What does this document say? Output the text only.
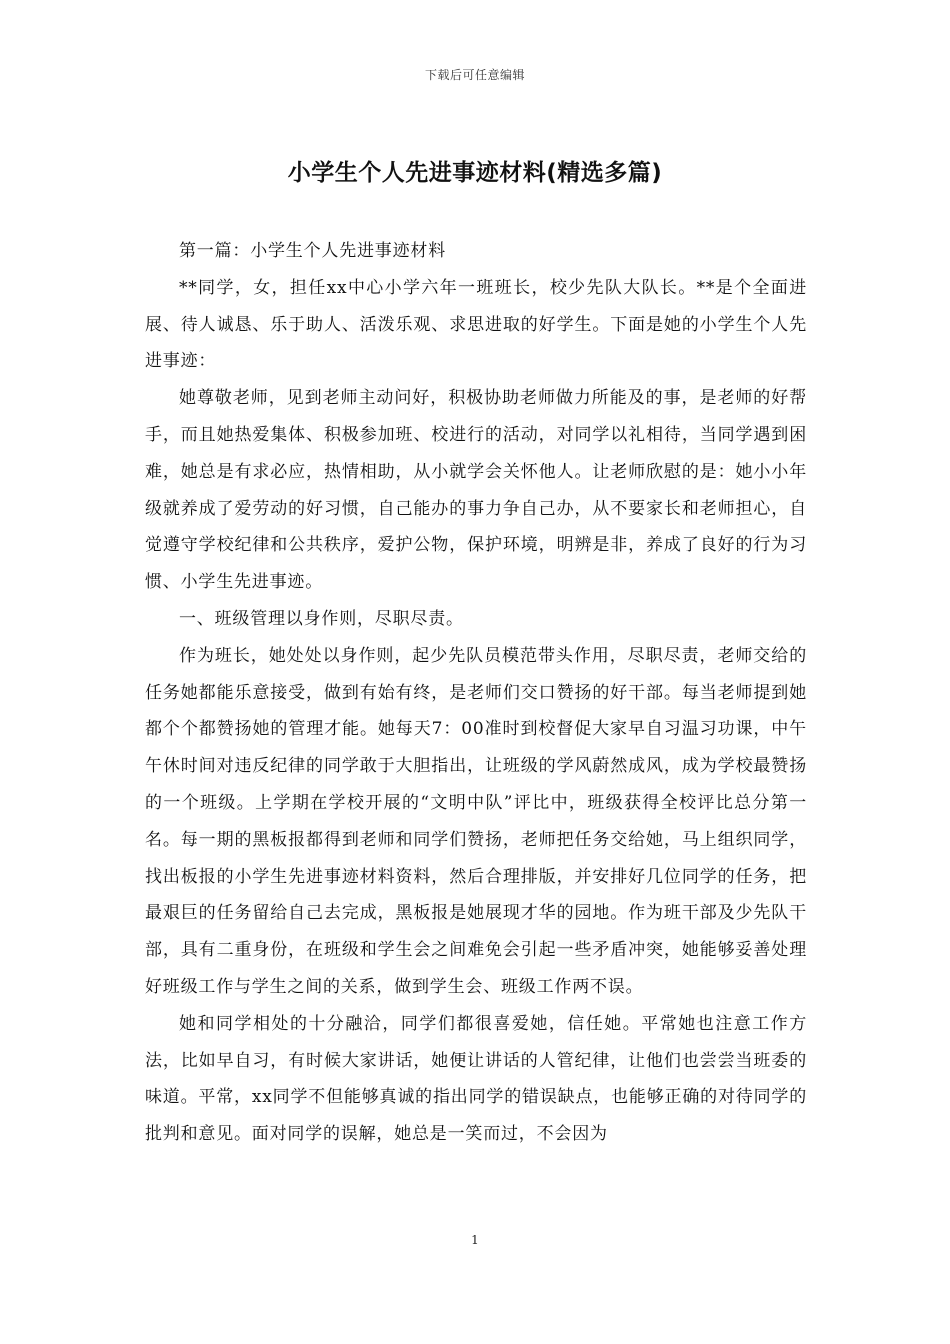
下载后可任意编辑
小学生个人先进事迹材料(精选多篇)

第一篇：小学生个人先进事迹材料

**同学，女，担任xx中心小学六年一班班长，校少先队大队长。**是个全面进展、待人诚恳、乐于助人、活泼乐观、求思进取的好学生。下面是她的小学生个人先进事迹：

她尊敬老师，见到老师主动问好，积极协助老师做力所能及的事，是老师的好帮手，而且她热爱集体、积极参加班、校进行的活动，对同学以礼相待，当同学遇到困难，她总是有求必应，热情相助，从小就学会关怀他人。让老师欣慰的是：她小小年级就养成了爱劳动的好习惯，自己能办的事力争自己办，从不要家长和老师担心，自觉遵守学校纪律和公共秩序，爱护公物，保护环境，明辨是非，养成了良好的行为习惯、小学生先进事迹。

一、班级管理以身作则，尽职尽责。

作为班长，她处处以身作则，起少先队员模范带头作用，尽职尽责，老师交给的任务她都能乐意接受，做到有始有终，是老师们交口赞扬的好干部。每当老师提到她都个个都赞扬她的管理才能。她每天7：00准时到校督促大家早自习温习功课，中午午休时间对违反纪律的同学敢于大胆指出，让班级的学风蔚然成风，成为学校最赞扬的一个班级。上学期在学校开展的“文明中队”评比中，班级获得全校评比总分第一名。每一期的黑板报都得到老师和同学们赞扬，老师把任务交给她，马上组织同学，找出板报的小学生先进事迹材料资料，然后合理排版，并安排好几位同学的任务，把最艰巨的任务留给自己去完成，黑板报是她展现才华的园地。作为班干部及少先队干部，具有二重身份，在班级和学生会之间难免会引起一些矛盾冲突，她能够妥善处理好班级工作与学生之间的关系，做到学生会、班级工作两不误。

她和同学相处的十分融洽，同学们都很喜爱她，信任她。平常她也注意工作方法，比如早自习，有时候大家讲话，她便让讲话的人管纪律，让他们也尝尝当班委的味道。平常，xx同学不但能够真诚的指出同学的错误缺点，也能够正确的对待同学的批判和意见。面对同学的误解，她总是一笑而过，不会因为

1
